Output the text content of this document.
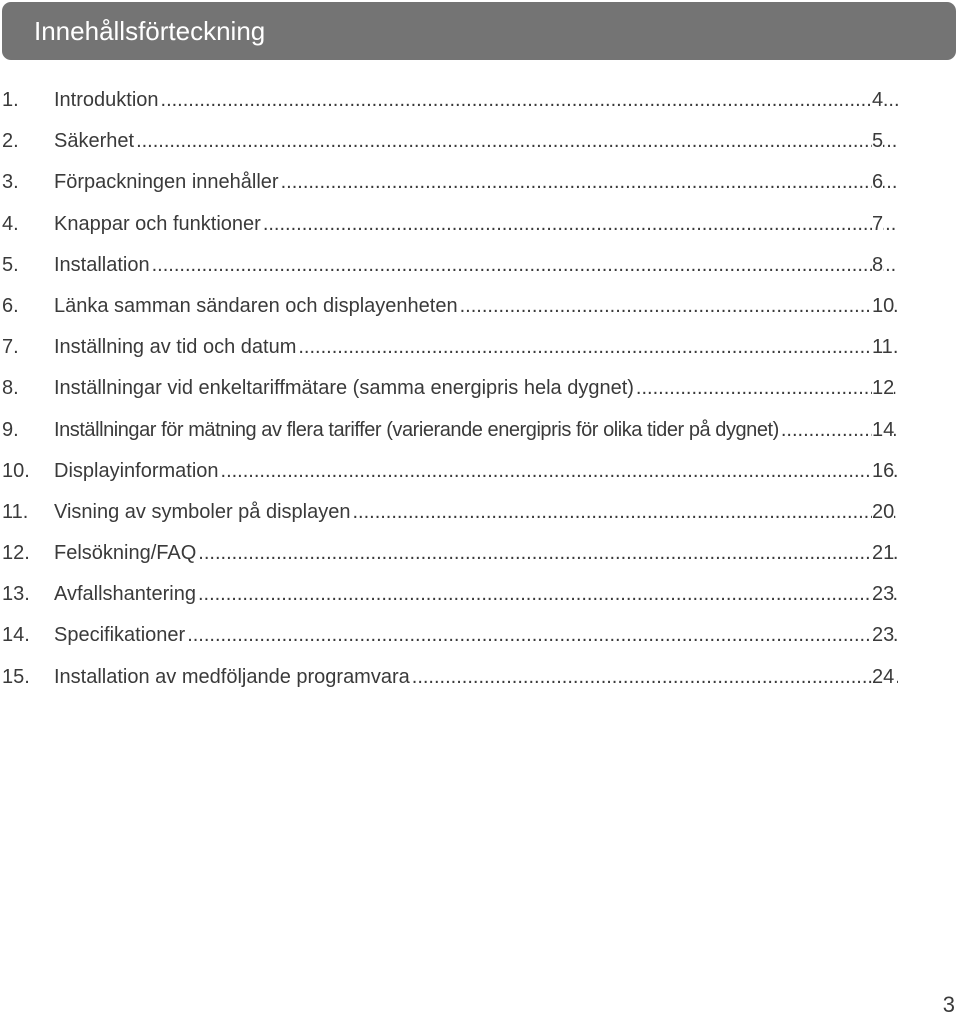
Innehållsförteckning
1. Introduktion .....	4
2. Säkerhet .....	5
3. Förpackningen innehåller .....	6
4. Knappar och funktioner .....	7
5. Installation .....	8
6. Länka samman sändaren och displayenheten .....	10
7. Inställning av tid och datum .....	11
8. Inställningar vid enkeltariffmätare (samma energipris hela dygnet) .....	12
9. Inställningar för mätning av flera tariffer (varierande energipris för olika tider på dygnet) .....	14
10. Displayinformation .....	16
11. Visning av symboler på displayen .....	20
12. Felsökning/FAQ .....	21
13. Avfallshantering .....	23
14. Specifikationer .....	23
15. Installation av medföljande programvara .....	24
3
